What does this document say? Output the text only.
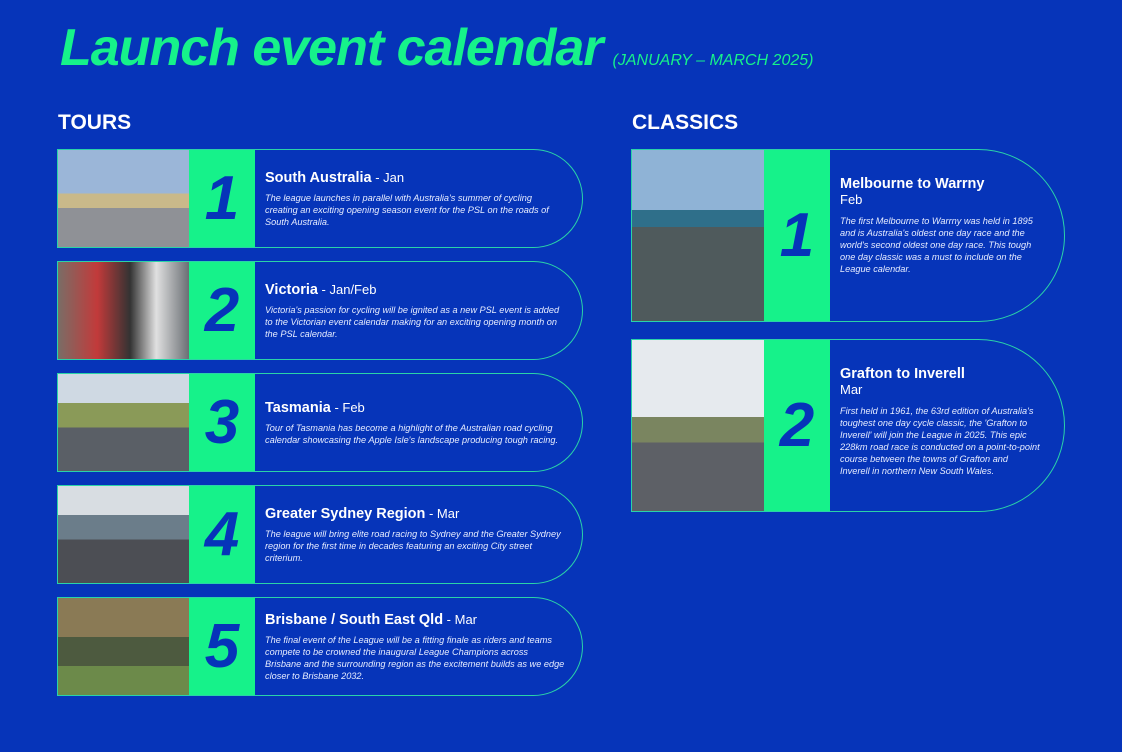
Launch event calendar (JANUARY – MARCH 2025)
TOURS	CLASSICS
1	South Australia - Jan
The league launches in parallel with Australia's summer of cycling creating an exciting opening season event for the PSL on the roads of South Australia.
2	Victoria - Jan/Feb
Victoria's passion for cycling will be ignited as a new PSL event is added to the Victorian event calendar making for an exciting opening month on the PSL calendar.
3	Tasmania - Feb
Tour of Tasmania has become a highlight of the Australian road cycling calendar showcasing the Apple Isle's landscape producing tough racing.
4	Greater Sydney Region - Mar
The league will bring elite road racing to Sydney and the Greater Sydney region for the first time in decades featuring an exciting City street criterium.
5	Brisbane / South East Qld - Mar
The final event of the League will be a fitting finale as riders and teams compete to be crowned the inaugural League Champions across Brisbane and the surrounding region as the excitement builds as we edge closer to Brisbane 2032.
1
Melbourne to Warrny
Feb
The first Melbourne to Warrny was held in 1895 and is Australia's oldest one day race and the world's second oldest one day race. This tough one day classic was a must to include on the League calendar.
2
Grafton to Inverell
Mar
First held in 1961, the 63rd edition of Australia's toughest one day cycle classic, the 'Grafton to Inverell' will join the League in 2025. This epic 228km road race is conducted on a point-to-point course between the towns of Grafton and Inverell in northern New South Wales.
